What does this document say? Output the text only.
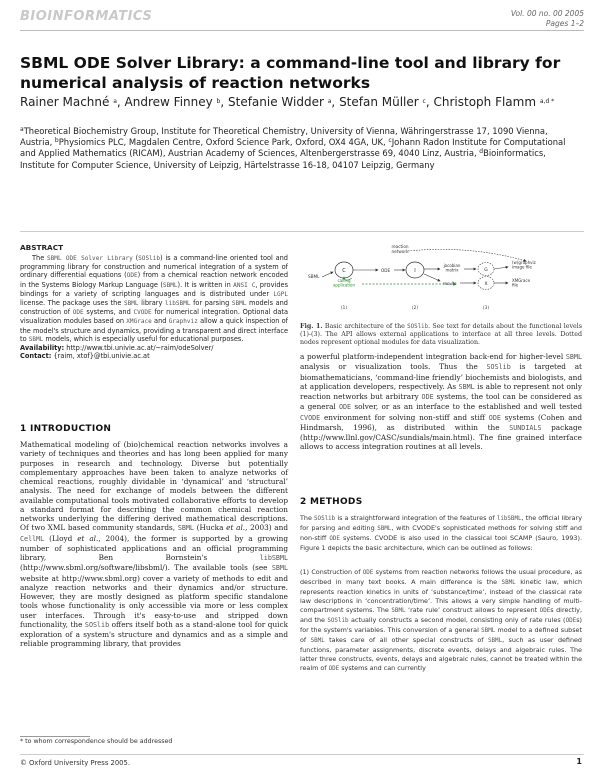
BIOINFORMATICS	Vol. 00 no. 00 2005
Pages 1–2
SBML ODE Solver Library: a command-line tool and library for numerical analysis of reaction networks
Rainer Machné $^a$, Andrew Finney $^b$, Stefanie Widder $^a$, Stefan Müller $^c$, Christoph Flamm $^{a,d *}$
$^a$Theoretical Biochemistry Group, Institute for Theoretical Chemistry, University of Vienna, Währingerstrasse 17, 1090 Vienna, Austria, $^b$Physiomics PLC, Magdalen Centre, Oxford Science Park, Oxford, OX4 4GA, UK, $^c$Johann Radon Institute for Computational and Applied Mathematics (RICAM), Austrian Academy of Sciences, Altenbergerstrasse 69, 4040 Linz, Austria, $^d$Bioinformatics, Institute for Computer Science, University of Leipzig, Härtelstrasse 16-18, 04107 Leipzig, Germany
ABSTRACT
The SBML ODE Solver Library (SOSlib) is a command-line oriented tool and programming library for construction and numerical integration of a system of ordinary differential equations (ODE) from a chemical reaction network encoded in the Systems Biology Markup Language (SBML). It is written in ANSI C, provides bindings for a variety of scripting languages and is distributed under LGPL license. The package uses the SBML library libSBML for parsing SBML models and construction of ODE systems, and CVODE for numerical integration. Optional data visualization modules based on XMGrace and Graphviz allow a quick inspection of the model's structure and dynamics, providing a transparent and direct interface to SBML models, which is especially useful for educational purposes.
Availability: http://www.tbi.univie.ac.at/~raim/odeSolver/
Contact: {raim, xtof}@tbi.univie.ac.at
1 INTRODUCTION
Mathematical modeling of (bio)chemical reaction networks involves a variety of techniques and theories and has long been applied for many purposes in research and technology. Diverse but potentially complementary approaches have been taken to analyze networks of chemical reactions, roughly dividable in ‘dynamical’ and ‘structural’ analysis. The need for exchange of models between the different available computational tools motivated collaborative efforts to develop a standard format for describing the common chemical reaction networks underlying the differing derived mathematical descriptions. Of two XML based community standards, SBML (Hucka et al., 2003) and CellML (Lloyd et al., 2004), the former is supported by a growing number of sophisticated applications and an official programming library, Ben Bornstein's libSBML (http://www.sbml.org/software/libsbml/). The available tools (see SBML website at http://www.sbml.org) cover a variety of methods to edit and analyze reaction networks and their dynamics and/or structure. However, they are mostly designed as platform specific standalone tools whose functionality is only accessible via more or less complex user interfaces. Through it's easy-to-use and stripped down functionality, the SOSlib offers itself both as a stand-alone tool for quick exploration of a system's structure and dynamics and as a simple and reliable programming library, that provides
* to whom correspondence should be addressed
© Oxford University Press 2005.	1
reaction network
SBML
C	ODE	I
jacobian matrix	G
(w)graphviz image file
results	X
XMGrace file
calling application
(1)	(2)	(3)
Fig. 1. Basic architecture of the SOSlib. See text for details about the functional levels (1)-(3). The API allows external applications to interface at all three levels. Dotted nodes represent optional modules for data visualization.
a powerful platform-independent integration back-end for higher-level SBML analysis or visualization tools. Thus the SOSlib is targeted at biomathematicians, ‘command-line friendly’ biochemists and biologists, and at application developers, respectively. As SBML is able to represent not only reaction networks but arbitrary ODE systems, the tool can be considered as a general ODE solver, or as an interface to the established and well tested CVODE environment for solving non-stiff and stiff ODE systems (Cohen and Hindmarsh, 1996), as distributed within the SUNDIALS package (http://www.llnl.gov/CASC/sundials/main.html). The fine grained interface allows to access integration routines at all levels.
2 METHODS
The SOSlib is a straightforward integration of the features of libSBML, the official library for parsing and editing SBML, with CVODE's sophisticated methods for solving stiff and non-stiff ODE systems. CVODE is also used in the classical tool SCAMP (Sauro, 1993). Figure 1 depicts the basic architecture, which can be outlined as follows:
(1) Construction of ODE systems from reaction networks follows the usual procedure, as described in many text books. A main difference is the SBML kinetic law, which represents reaction kinetics in units of ‘substance/time’, instead of the classical rate law descriptions in ‘concentration/time’. This allows a very simple handling of multi-compartment systems. The SBML ‘rate rule’ construct allows to represent ODEs directly, and the SOSlib actually constructs a second model, consisting only of rate rules (ODEs) for the system's variables. This conversion of a general SBML model to a defined subset of SBML takes care of all other special constructs of SBML, such as user defined functions, parameter assignments, discrete events, delays and algebraic rules. The latter three constructs, events, delays and algebraic rules, cannot be treated within the realm of ODE systems and can currently
